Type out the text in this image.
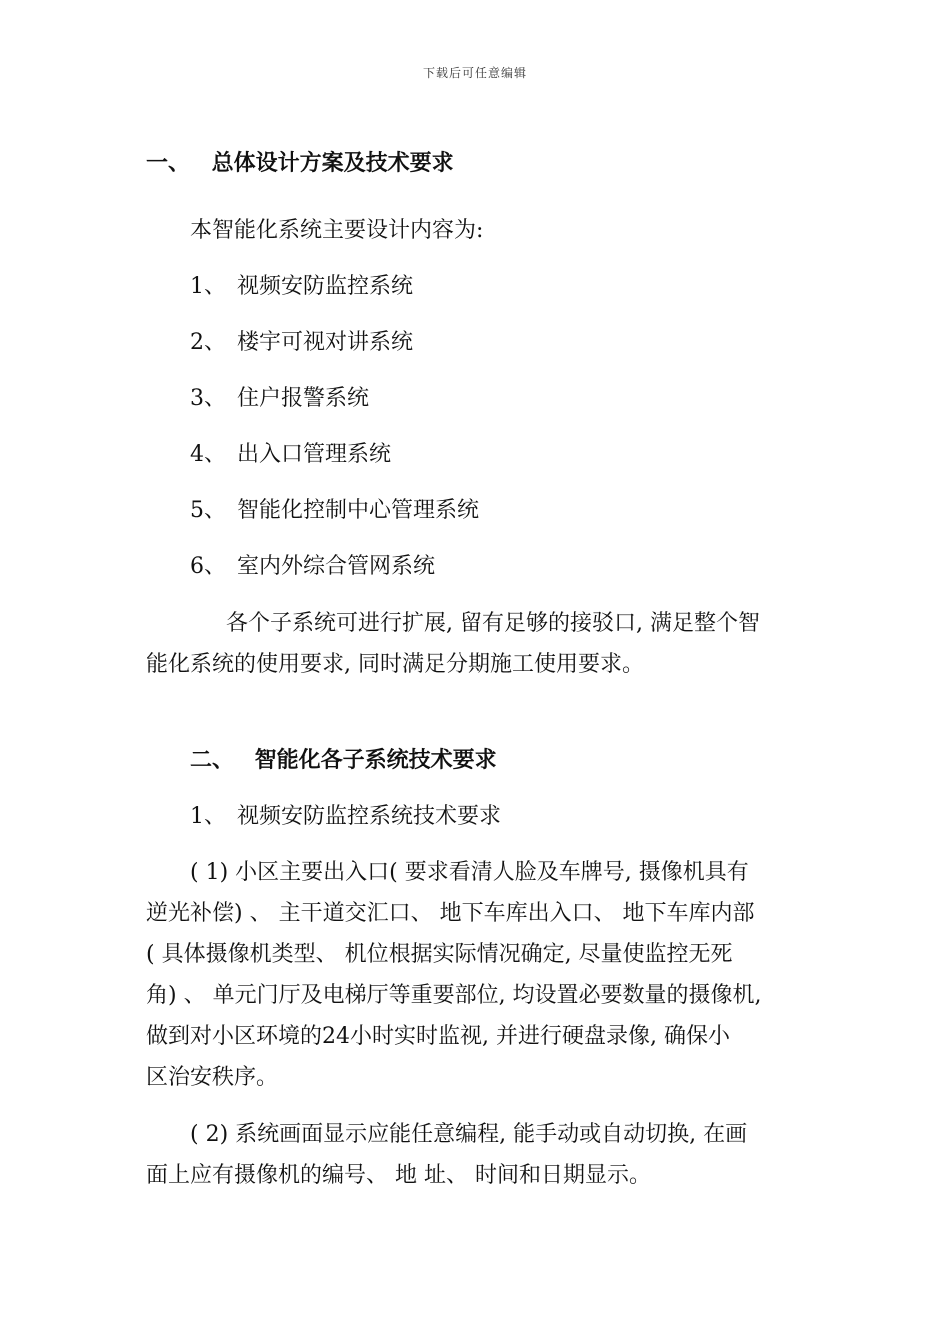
下载后可任意编辑
一、 总体设计方案及技术要求
本智能化系统主要设计内容为:
1、 视频安防监控系统
2、 楼宇可视对讲系统
3、 住户报警系统
4、 出入口管理系统
5、 智能化控制中心管理系统
6、 室内外综合管网系统
各个子系统可进行扩展, 留有足够的接驳口, 满足整个智
能化系统的使用要求, 同时满足分期施工使用要求。
二、 智能化各子系统技术要求
1、 视频安防监控系统技术要求
( 1) 小区主要出入口( 要求看清人脸及车牌号, 摄像机具有
逆光补偿) 、 主干道交汇口、 地下车库出入口、 地下车库内部
( 具体摄像机类型、 机位根据实际情况确定, 尽量使监控无死
角) 、 单元门厅及电梯厅等重要部位, 均设置必要数量的摄像机,
做到对小区环境的24小时实时监视, 并进行硬盘录像, 确保小
区治安秩序。
( 2) 系统画面显示应能任意编程, 能手动或自动切换, 在画
面上应有摄像机的编号、 地 址、 时间和日期显示。
